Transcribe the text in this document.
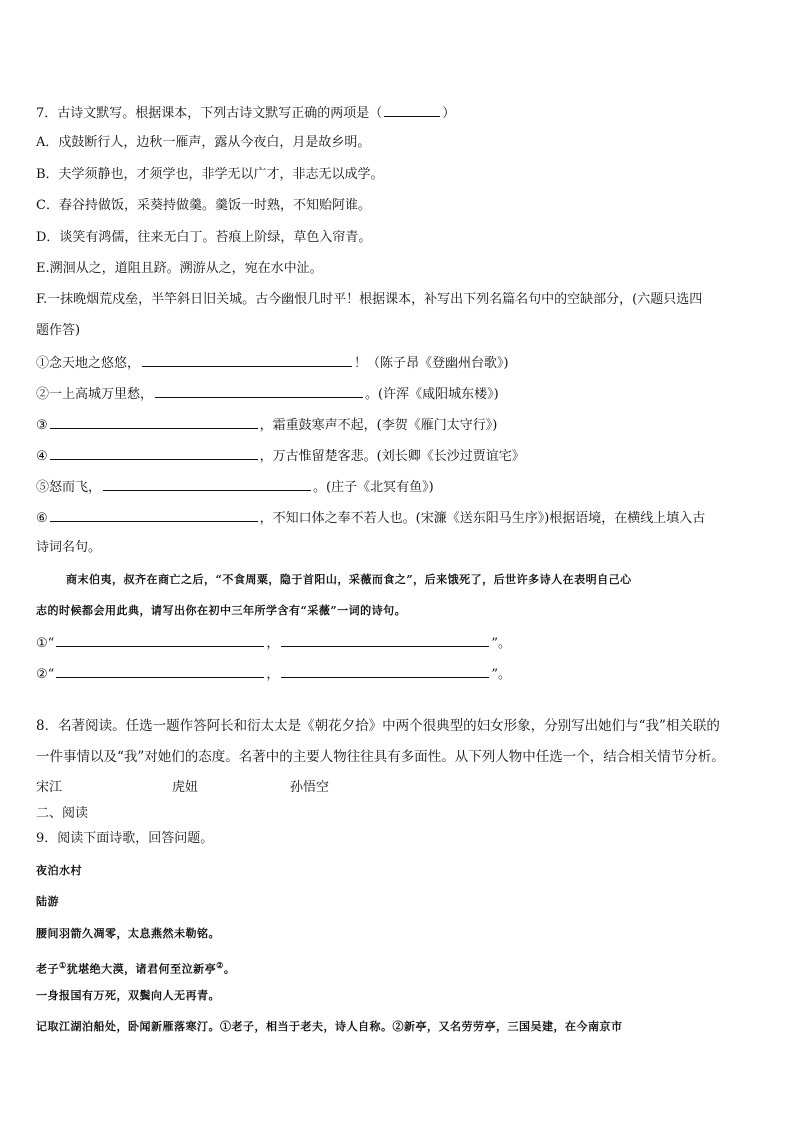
7．古诗文默写。根据课本，下列古诗文默写正确的两项是（	）
A．戍鼓断行人，边秋一雁声，露从今夜白，月是故乡明。
B．夫学须静也，才须学也，非学无以广才，非志无以成学。
C．春谷持做饭，采葵持做羹。羹饭一时熟，不知贻阿谁。
D．谈笑有鸿儒，往来无白丁。苔痕上阶绿，草色入帘青。
E.溯洄从之，道阻且跻。溯游从之，宛在水中沚。
F.一抹晚烟荒戍垒，半竿斜日旧关城。古今幽恨几时平！根据课本，补写出下列名篇名句中的空缺部分，(六题只选四
题作答)
①念天地之悠悠，	！（陈子昂《登幽州台歌》)
②一上高城万里愁，	。(许浑《咸阳城东楼》)
③	，霜重鼓寒声不起，(李贺《雁门太守行》)
④	，万古惟留楚客悲。(刘长卿《长沙过贾谊宅》
⑤怒而飞，	。(庄子《北冥有鱼》)
⑥	，不知口体之奉不若人也。(宋濂《送东阳马生序》)根据语境，在横线上填入古
诗词名句。
商末伯夷，叔齐在商亡之后，“不食周粟，隐于首阳山，采薇而食之”，后来饿死了，后世许多诗人在表明自己心
志的时候都会用此典，请写出你在初中三年所学含有“采薇”一词的诗句。
①“	，	”。
②“	，	”。
8．名著阅读。任选一题作答阿长和衍太太是《朝花夕拾》中两个很典型的妇女形象，分别写出她们与“我”相关联的
一件事情以及“我”对她们的态度。名著中的主要人物往往具有多面性。从下列人物中任选一个，结合相关情节分析。
宋江	虎妞	孙悟空
二、阅读
9．阅读下面诗歌，回答问题。
夜泊水村
陆游
腰间羽箭久凋零，太息燕然未勒铭。
老子①犹堪绝大漠，诸君何至泣新亭②。
一身报国有万死，双鬓向人无再青。
记取江湖泊船处，卧闻新雁落寒汀。①老子，相当于老夫，诗人自称。②新亭，又名劳劳亭，三国吴建，在今南京市
